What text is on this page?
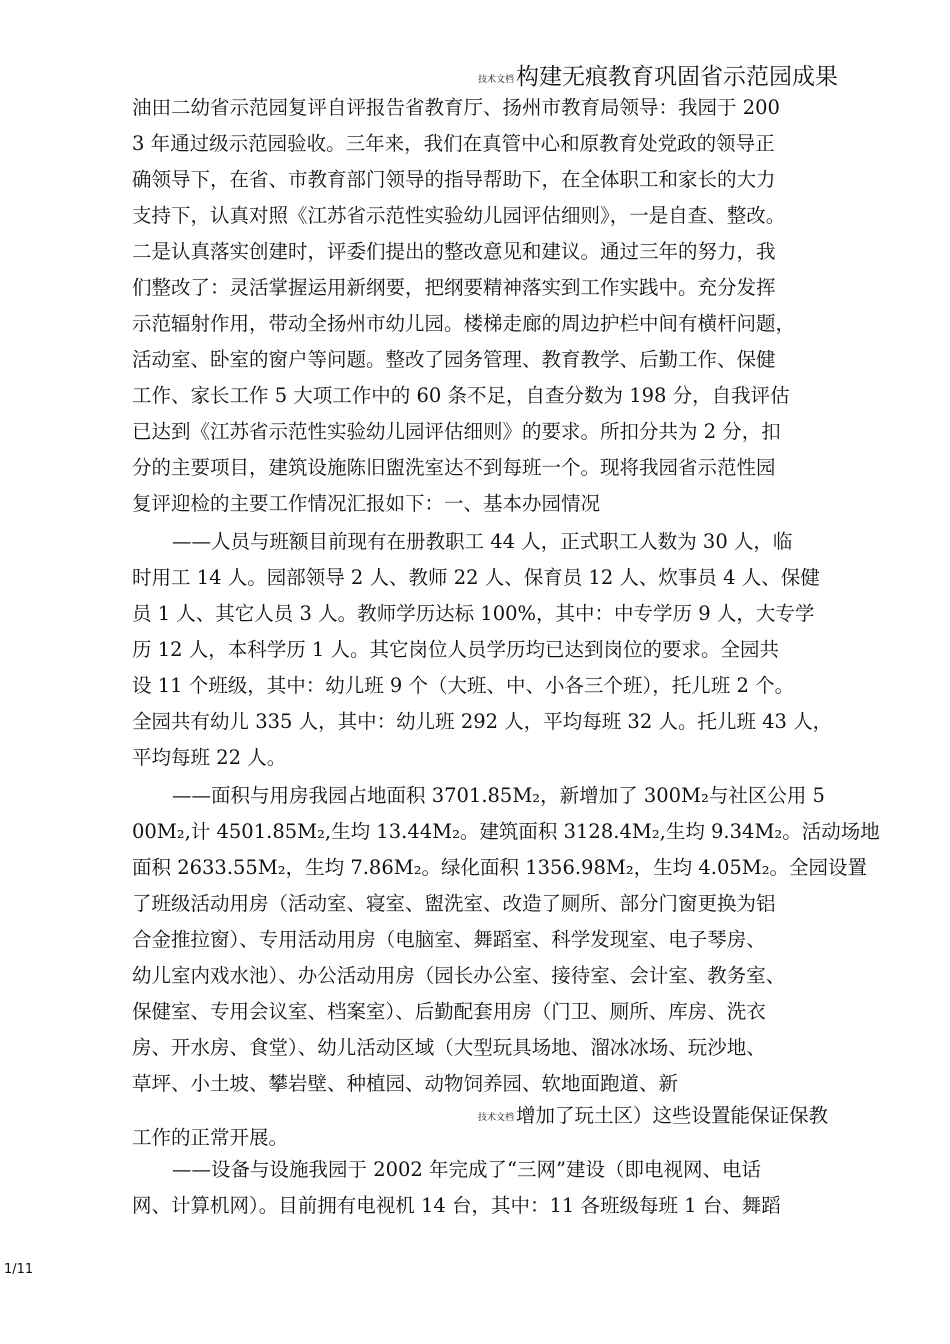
技术文档构建无痕教育巩固省示范园成果
油田二幼省示范园复评自评报告省教育厅、扬州市教育局领导：我园于 200
3 年通过级示范园验收。三年来，我们在真管中心和原教育处党政的领导正
确领导下，在省、市教育部门领导的指导帮助下，在全体职工和家长的大力
支持下，认真对照《江苏省示范性实验幼儿园评估细则》，一是自查、整改。
二是认真落实创建时，评委们提出的整改意见和建议。通过三年的努力，我
们整改了：灵活掌握运用新纲要，把纲要精神落实到工作实践中。充分发挥
示范辐射作用，带动全扬州市幼儿园。楼梯走廊的周边护栏中间有横杆问题，
活动室、卧室的窗户等问题。整改了园务管理、教育教学、后勤工作、保健
工作、家长工作 5 大项工作中的 60 条不足，自查分数为 198 分，自我评估
已达到《江苏省示范性实验幼儿园评估细则》的要求。所扣分共为 2 分，扣
分的主要项目，建筑设施陈旧盥洗室达不到每班一个。现将我园省示范性园
复评迎检的主要工作情况汇报如下：一、基本办园情况
——人员与班额目前现有在册教职工 44 人，正式职工人数为 30 人，临
时用工 14 人。园部领导 2 人、教师 22 人、保育员 12 人、炊事员 4 人、保健
员 1 人、其它人员 3 人。教师学历达标 100%，其中：中专学历 9 人，大专学
历 12 人，本科学历 1 人。其它岗位人员学历均已达到岗位的要求。全园共
设 11 个班级，其中：幼儿班 9 个（大班、中、小各三个班），托儿班 2 个。
全园共有幼儿 335 人，其中：幼儿班 292 人，平均每班 32 人。托儿班 43 人，
平均每班 22 人。
——面积与用房我园占地面积 3701.85M₂，新增加了 300M₂与社区公用 5
00M₂,计 4501.85M₂,生均 13.44M₂。建筑面积 3128.4M₂,生均 9.34M₂。活动场地
面积 2633.55M₂，生均 7.86M₂。绿化面积 1356.98M₂，生均 4.05M₂。全园设置
了班级活动用房（活动室、寝室、盥洗室、改造了厕所、部分门窗更换为铝
合金推拉窗）、专用活动用房（电脑室、舞蹈室、科学发现室、电子琴房、
幼儿室内戏水池）、办公活动用房（园长办公室、接待室、会计室、教务室、
保健室、专用会议室、档案室）、后勤配套用房（门卫、厕所、库房、洗衣
房、开水房、食堂）、幼儿活动区域（大型玩具场地、溜冰冰场、玩沙地、
草坪、小土坡、攀岩壁、种植园、动物饲养园、软地面跑道、新
技术文档 增加了玩土区）这些设置能保证保教
工作的正常开展。
——设备与设施我园于 2002 年完成了“三网”建设（即电视网、电话
网、计算机网）。目前拥有电视机 14 台，其中：11 各班级每班 1 台、舞蹈
1/11
